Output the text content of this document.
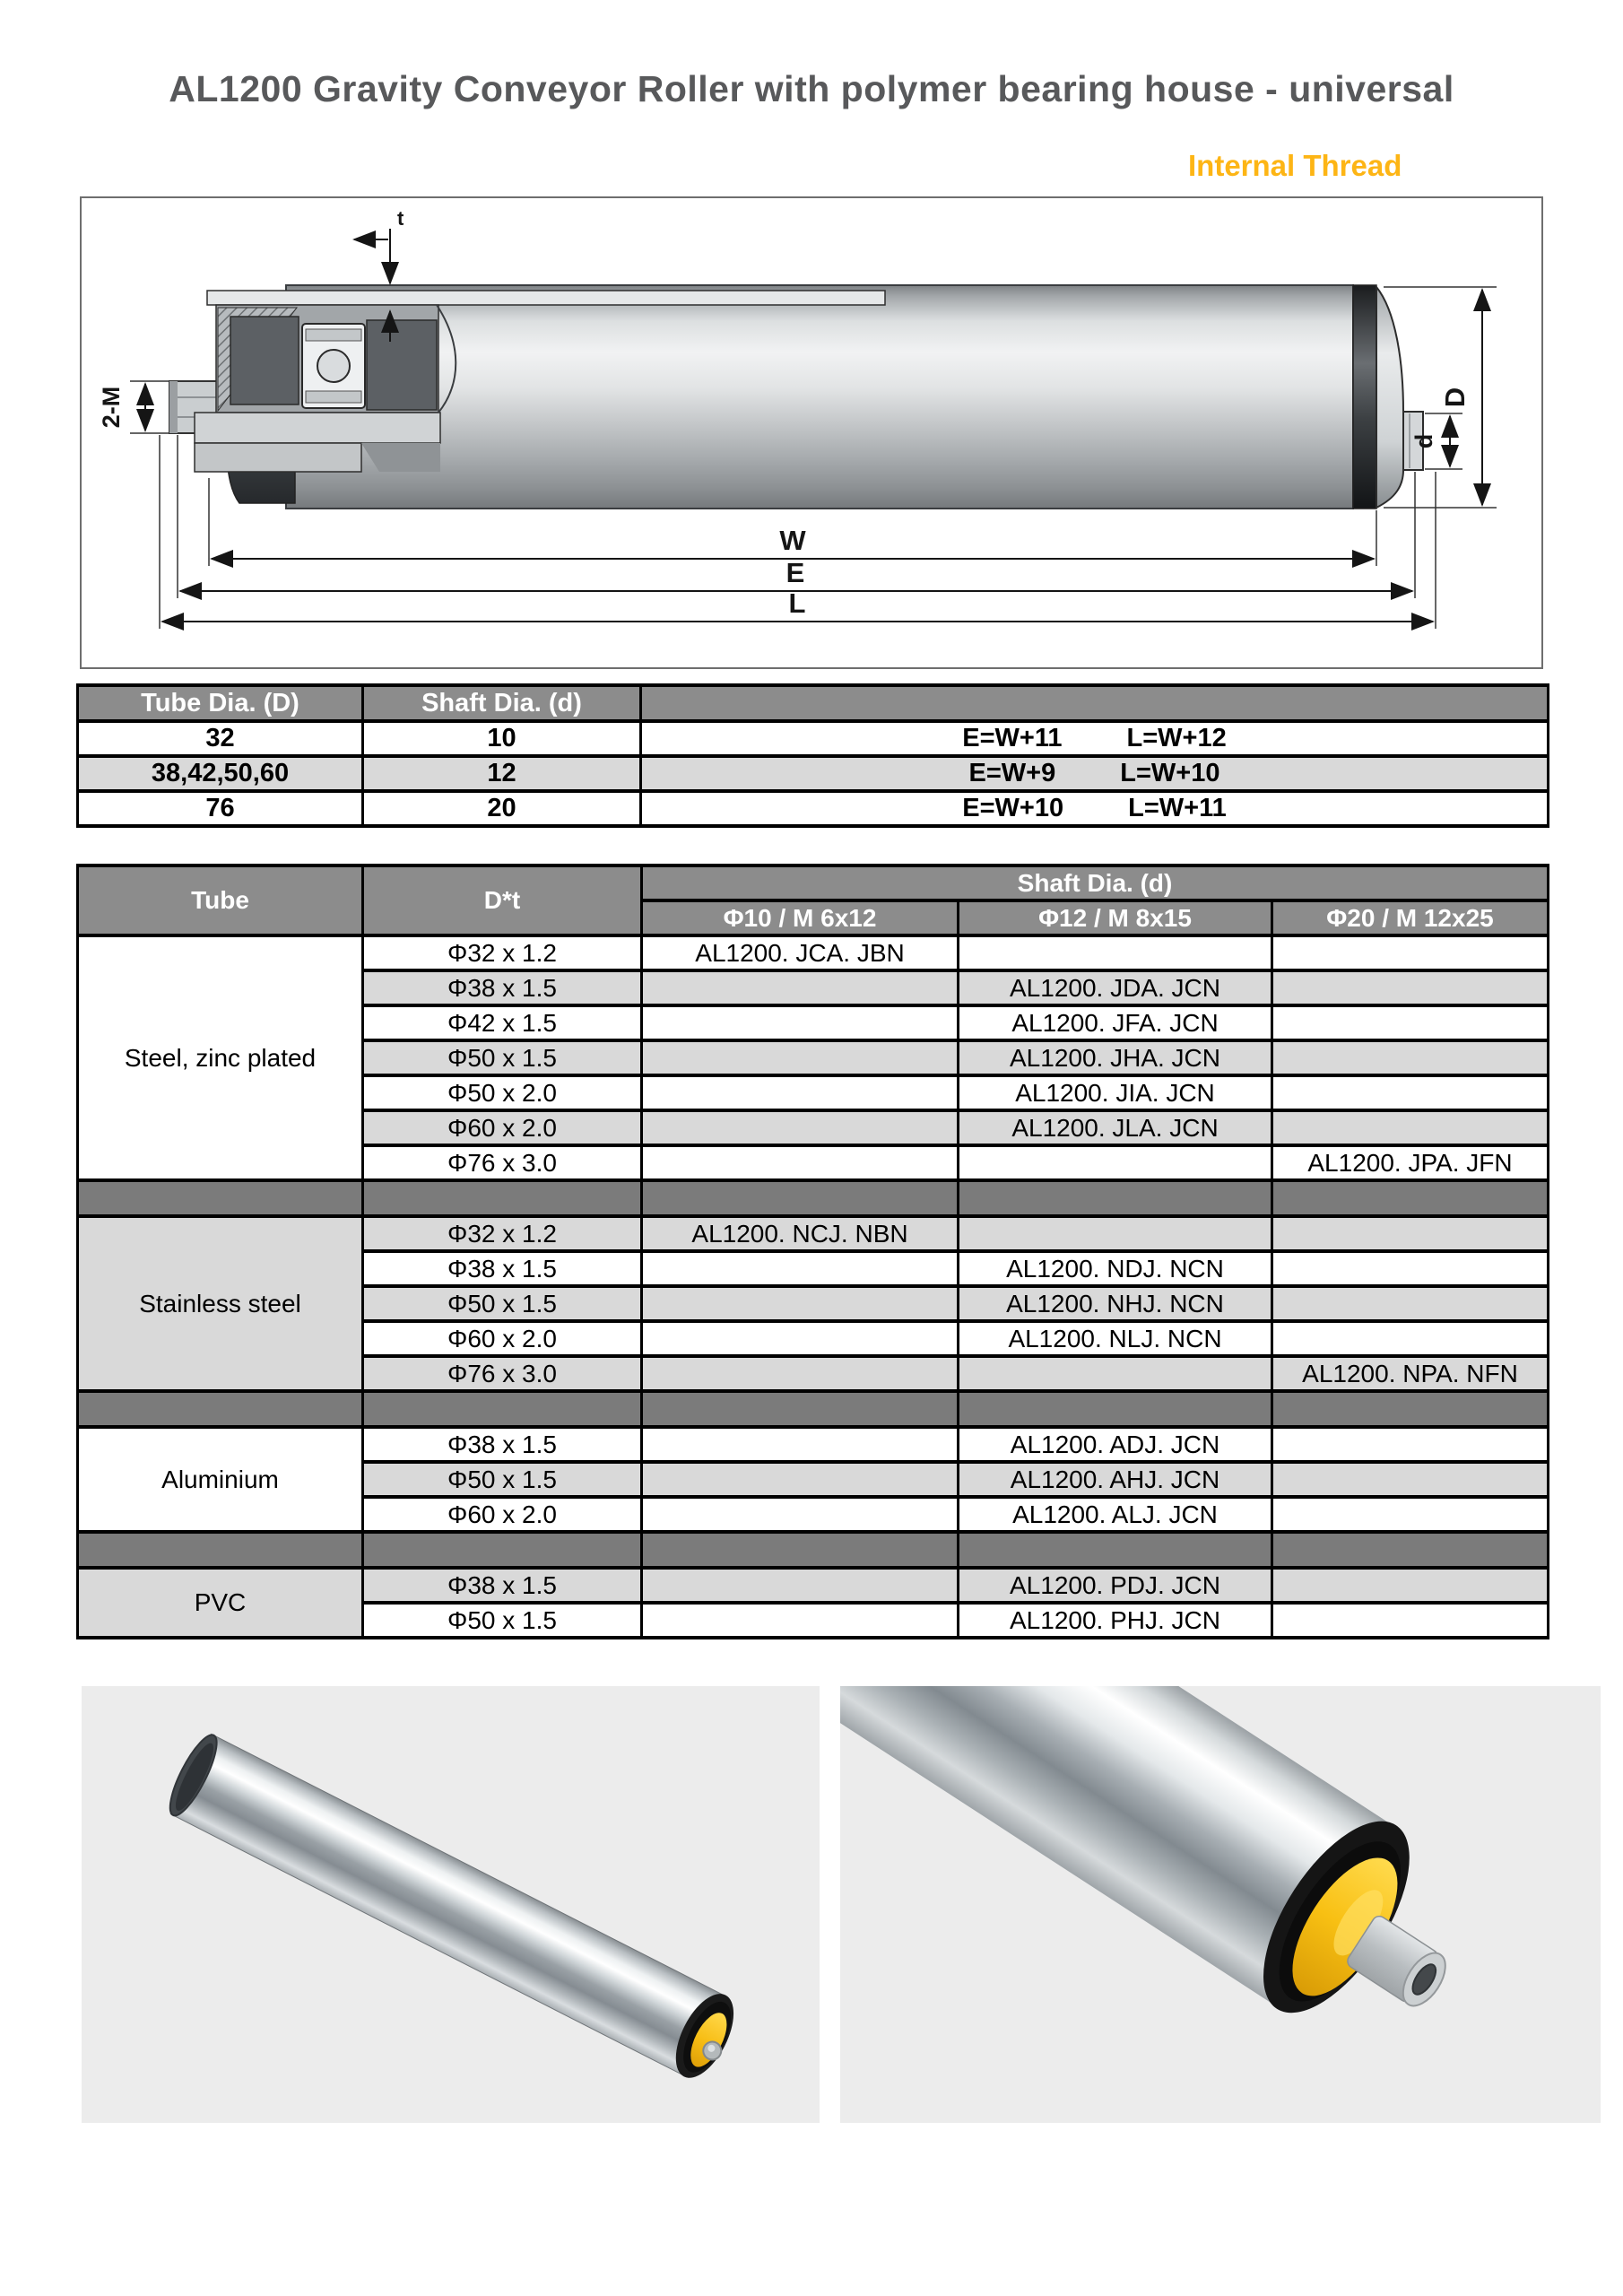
AL1200 Gravity Conveyor Roller with polymer bearing house - universal
Internal Thread
t
2-M
d
D
W
E
L
Tube Dia. (D)	Shaft Dia. (d)	
32	10	E=W+11 L=W+12

38,42,50,60	12	E=W+9 L=W+10

76	20	E=W+10 L=W+11
Tube	D*t	Shaft Dia. (d)		
		Φ10 / M 6x12	Φ12 / M 8x15	Φ20 / M 12x25
Steel, zinc plated	Φ32 x 1.2	AL1200. JCA. JBN		
	Φ38 x 1.5		AL1200. JDA. JCN	
	Φ42 x 1.5		AL1200. JFA. JCN	
	Φ50 x 1.5		AL1200. JHA. JCN	
	Φ50 x 2.0		AL1200. JIA. JCN	
	Φ60 x 2.0		AL1200. JLA. JCN	
	Φ76 x 3.0			AL1200. JPA. JFN

Stainless steel	Φ32 x 1.2	AL1200. NCJ. NBN		
	Φ38 x 1.5		AL1200. NDJ. NCN	
	Φ50 x 1.5		AL1200. NHJ. NCN	
	Φ60 x 2.0		AL1200. NLJ. NCN	
	Φ76 x 3.0			AL1200. NPA. NFN

Aluminium	Φ38 x 1.5		AL1200. ADJ. JCN	
	Φ50 x 1.5		AL1200. AHJ. JCN	
	Φ60 x 2.0		AL1200. ALJ. JCN	

PVC	Φ38 x 1.5		AL1200. PDJ. JCN	
	Φ50 x 1.5		AL1200. PHJ. JCN	
